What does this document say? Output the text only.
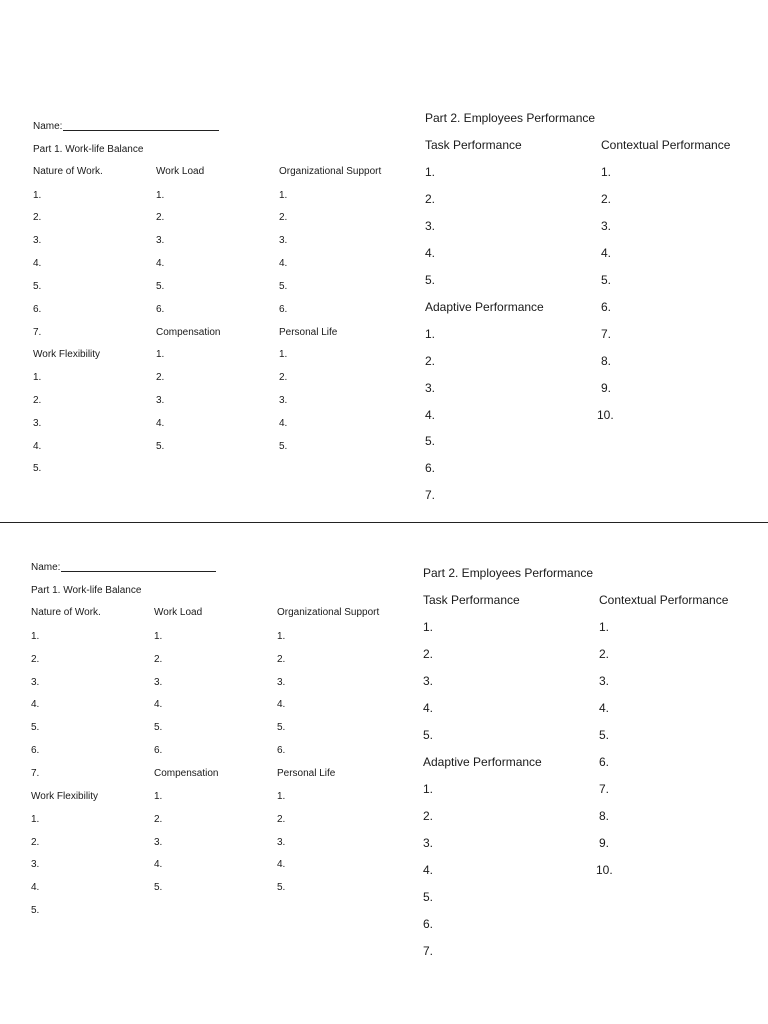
Name:
Part 1. Work-life Balance
Nature of Work.
1.
2.
3.
4.
5.
6.
7.
Work Load
1.
2.
3.
4.
5.
6.
Organizational Support
1.
2.
3.
4.
5.
6.
Compensation
1.
2.
3.
4.
5.
Personal Life
1.
2.
3.
4.
5.
Work Flexibility
1.
2.
3.
4.
5.
Part 2. Employees Performance
Task Performance
1.
2.
3.
4.
5.
Adaptive Performance
1.
2.
3.
4.
5.
6.
7.
Contextual Performance
1.
2.
3.
4.
5.
6.
7.
8.
9.
10.
Name:
Part 1. Work-life Balance
Nature of Work.
1.
2.
3.
4.
5.
6.
7.
Work Load
1.
2.
3.
4.
5.
6.
Organizational Support
1.
2.
3.
4.
5.
6.
Compensation
1.
2.
3.
4.
5.
Personal Life
1.
2.
3.
4.
5.
Work Flexibility
1.
2.
3.
4.
5.
Part 2. Employees Performance
Task Performance
1.
2.
3.
4.
5.
Adaptive Performance
1.
2.
3.
4.
5.
6.
7.
Contextual Performance
1.
2.
3.
4.
5.
6.
7.
8.
9.
10.
